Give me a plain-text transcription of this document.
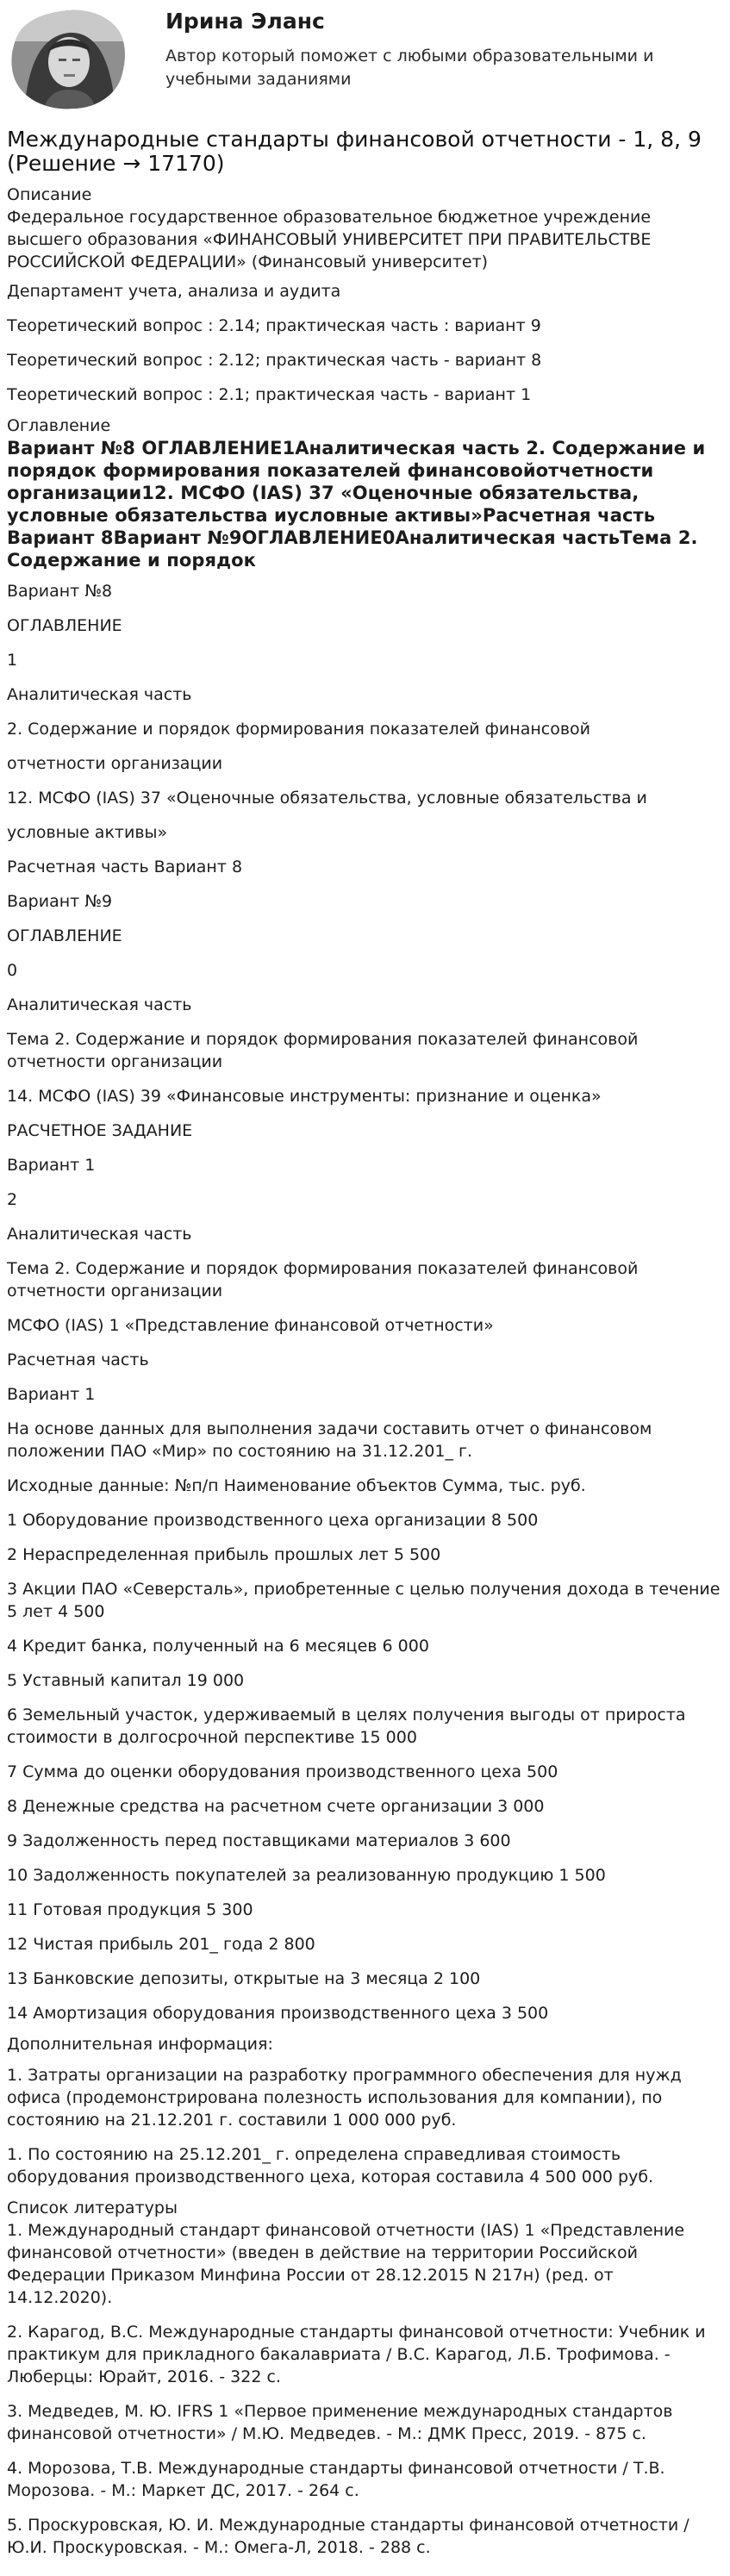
Ирина Эланс
Автор который поможет с любыми образовательными и учебными заданиями
Международные стандарты финансовой отчетности - 1, 8, 9 (Решение → 17170)
Описание
Федеральное государственное образовательное бюджетное учреждение высшего образования «ФИНАНСОВЫЙ УНИВЕРСИТЕТ ПРИ ПРАВИТЕЛЬСТВЕ РОССИЙСКОЙ ФЕДЕРАЦИИ» (Финансовый университет)
Департамент учета, анализа и аудита
Теоретический вопрос : 2.14; практическая часть : вариант 9
Теоретический вопрос : 2.12; практическая часть - вариант 8
Теоретический вопрос : 2.1; практическая часть - вариант 1
Оглавление
Вариант №8 ОГЛАВЛЕНИЕ1Аналитическая часть 2. Содержание и порядок формирования показателей финансовойотчетности организации12. МСФО (IAS) 37 «Оценочные обязательства, условные обязательства иусловные активы»Расчетная часть Вариант 8Вариант №9ОГЛАВЛЕНИЕ0Аналитическая частьТема 2. Содержание и порядок
Вариант №8
ОГЛАВЛЕНИЕ
1
Аналитическая часть
2. Содержание и порядок формирования показателей финансовой
отчетности организации
12. МСФО (IAS) 37 «Оценочные обязательства, условные обязательства и
условные активы»
Расчетная часть Вариант 8
Вариант №9
ОГЛАВЛЕНИЕ
0
Аналитическая часть
Тема 2. Содержание и порядок формирования показателей финансовой отчетности организации
14. МСФО (IAS) 39 «Финансовые инструменты: признание и оценка»
РАСЧЕТНОЕ ЗАДАНИЕ
Вариант 1
2
Аналитическая часть
Тема 2. Содержание и порядок формирования показателей финансовой отчетности организации
МСФО (IAS) 1 «Представление финансовой отчетности»
Расчетная часть
Вариант 1
На основе данных для выполнения задачи составить отчет о финансовом положении ПАО «Мир» по состоянию на 31.12.201_ г.
Исходные данные: №п/п Наименование объектов Сумма, тыс. руб.
1 Оборудование производственного цеха организации 8 500
2 Нераспределенная прибыль прошлых лет 5 500
3 Акции ПАО «Северсталь», приобретенные с целью получения дохода в течение 5 лет 4 500
4 Кредит банка, полученный на 6 месяцев 6 000
5 Уставный капитал 19 000
6 Земельный участок, удерживаемый в целях получения выгоды от прироста стоимости в долгосрочной перспективе 15 000
7 Сумма до оценки оборудования производственного цеха 500
8 Денежные средства на расчетном счете организации 3 000
9 Задолженность перед поставщиками материалов 3 600
10 Задолженность покупателей за реализованную продукцию 1 500
11 Готовая продукция 5 300
12 Чистая прибыль 201_ года 2 800
13 Банковские депозиты, открытые на 3 месяца 2 100
14 Амортизация оборудования производственного цеха 3 500
Дополнительная информация:
1. Затраты организации на разработку программного обеспечения для нужд офиса (продемонстрирована полезность использования для компании), по состоянию на 21.12.201 г. составили 1 000 000 руб.
1. По состоянию на 25.12.201_ г. определена справедливая стоимость оборудования производственного цеха, которая составила 4 500 000 руб.
Список литературы
1. Международный стандарт финансовой отчетности (IAS) 1 «Представление финансовой отчетности» (введен в действие на территории Российской Федерации Приказом Минфина России от 28.12.2015 N 217н) (ред. от 14.12.2020).
2. Карагод, В.С. Международные стандарты финансовой отчетности: Учебник и практикум для прикладного бакалавриата / В.С. Карагод, Л.Б. Трофимова. - Люберцы: Юрайт, 2016. - 322 c.
3. Медведев, М. Ю. IFRS 1 «Первое применение международных стандартов финансовой отчетности» / М.Ю. Медведев. - М.: ДМК Пресс, 2019. - 875 c.
4. Морозова, Т.В. Международные стандарты финансовой отчетности / Т.В. Морозова. - М.: Маркет ДС, 2017. - 264 c.
5. Проскуровская, Ю. И. Международные стандарты финансовой отчетности / Ю.И. Проскуровская. - М.: Омега-Л, 2018. - 288 c.
